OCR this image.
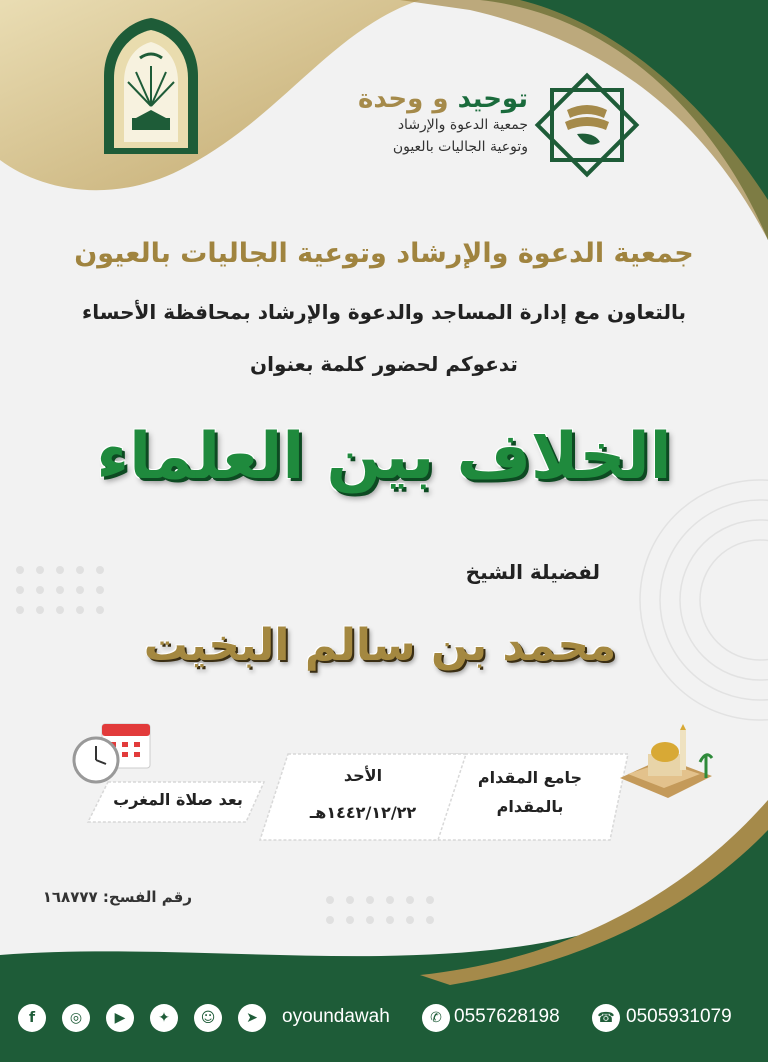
توحيد و وحدة
جمعية الدعوة والإرشاد
وتوعية الجاليات بالعيون
جمعية الدعوة والإرشاد وتوعية الجاليات بالعيون
بالتعاون مع إدارة المساجد والدعوة والإرشاد بمحافظة الأحساء
تدعوكم لحضور كلمة بعنوان
الخلاف بين العلماء
لفضيلة الشيخ
محمد بن سالم البخيت
جامع المقدام
بالمقدام
الأحد
١٤٤٢/١٢/٢٢هـ
بعد صلاة المغرب
رقم الفسح: ١٦٨٧٧٧
f	◎	▶	✦	☺	➤	oyoundawah	✆ 0557628198	☎ 0505931079
